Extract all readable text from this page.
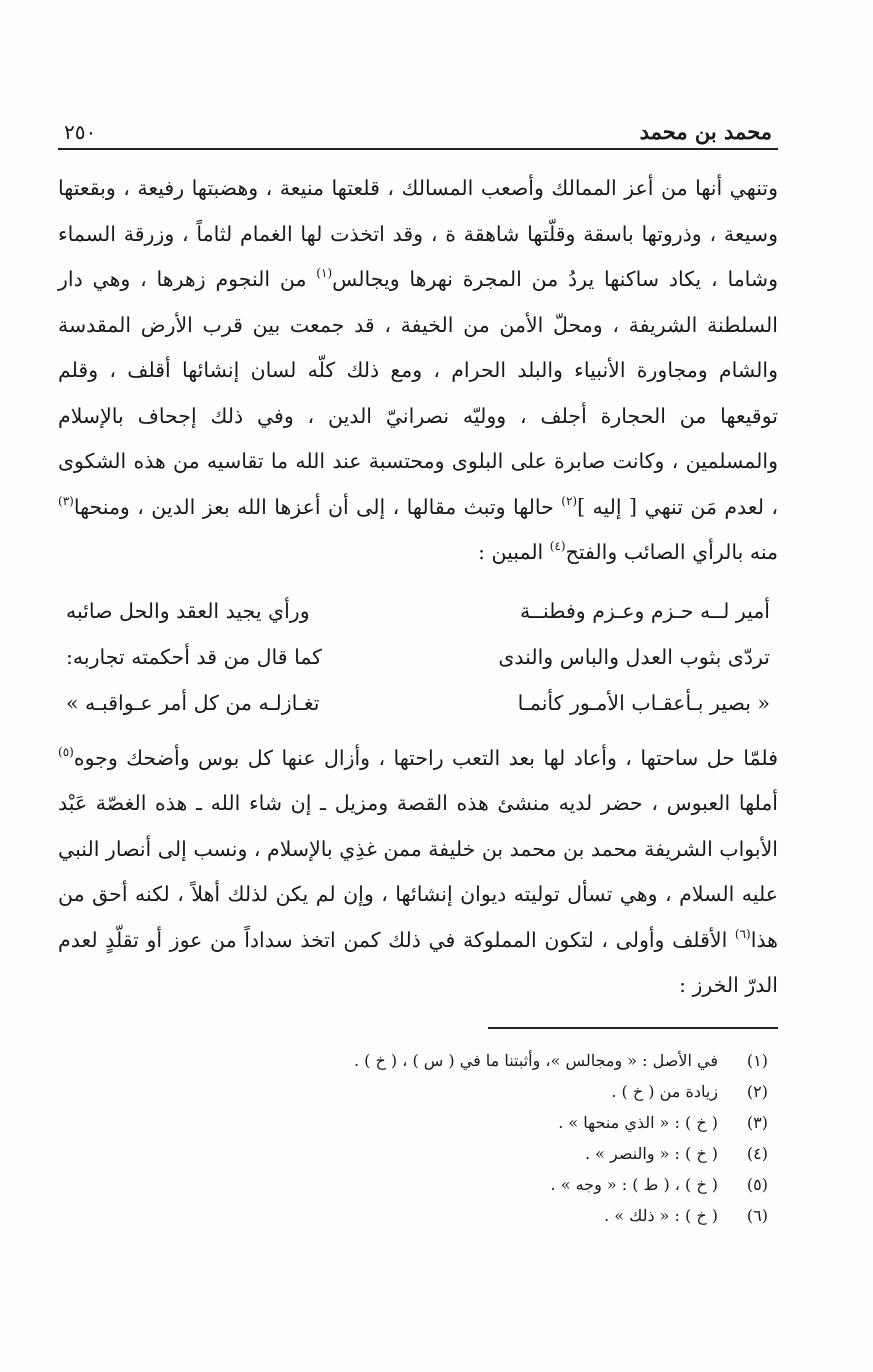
محمد بن محمد
٢٥٠

وتنهي أنها من أعز الممالك وأصعب المسالك ، قلعتها منيعة ، وهضبتها رفيعة ، وبقعتها وسيعة ، وذروتها باسقة وقلّتها شاهقة ة ، وقد اتخذت لها الغمام لثاماً ، وزرقة السماء وشاما ، يكاد ساكنها يردُ من المجرة نهرها ويجالس$^{(١)}$ من النجوم زهرها ، وهي دار السلطنة الشريفة ، ومحلّ الأمن من الخيفة ، قد جمعت بين قرب الأرض المقدسة والشام ومجاورة الأنبياء والبلد الحرام ، ومع ذلك كلّه لسان إنشائها أقلف ، وقلم توقيعها من الحجارة أجلف ، ووليّه نصرانيّ الدين ، وفي ذلك إجحاف بالإسلام والمسلمين ، وكانت صابرة على البلوى ومحتسبة عند الله ما تقاسيه من هذه الشكوى ، لعدم مَن تنهي [ إليه ]$^{(٢)}$ حالها وتبث مقالها ، إلى أن أعزها الله بعز الدين ، ومنحها$^{(٣)}$ منه بالرأي الصائب والفتح$^{(٤)}$ المبين :

أمير لــه حـزم وعـزم وفطنــة
ورأي يجيد العقد والحل صائبه
تردّى بثوب العدل والباس والندى
كما قال من قد أحكمته تجاربه:
« بصير بـأعقـاب الأمـور كأنمـا
تغـازلـه من كل أمر عـواقبـه »

فلمّا حل ساحتها ، وأعاد لها بعد التعب راحتها ، وأزال عنها كل بوس وأضحك وجوه$^{(٥)}$ أملها العبوس ، حضر لديه منشئ هذه القصة ومزيل ـ إن شاء الله ـ هذه الغصّة عَبْد الأبواب الشريفة محمد بن محمد بن خليفة ممن غذِي بالإسلام ، ونسب إلى أنصار النبي عليه السلام ، وهي تسأل توليته ديوان إنشائها ، وإن لم يكن لذلك أهلاً ، لكنه أحق من هذا$^{(٦)}$ الأقلف وأولى ، لتكون المملوكة في ذلك كمن اتخذ سداداً من عوز أو تقلّدٍ لعدم الدرّ الخرز :

(١)
في الأصل : « ومجالس »، وأثبتنا ما في ( س ) ، ( خ ) .
(٢)
زيادة من ( خ ) .
(٣)
( خ ) : « الذي منحها » .
(٤)
( خ ) : « والنصر » .
(٥)
( خ ) ، ( ط ) : « وجه » .
(٦)
( خ ) : « ذلك » .
